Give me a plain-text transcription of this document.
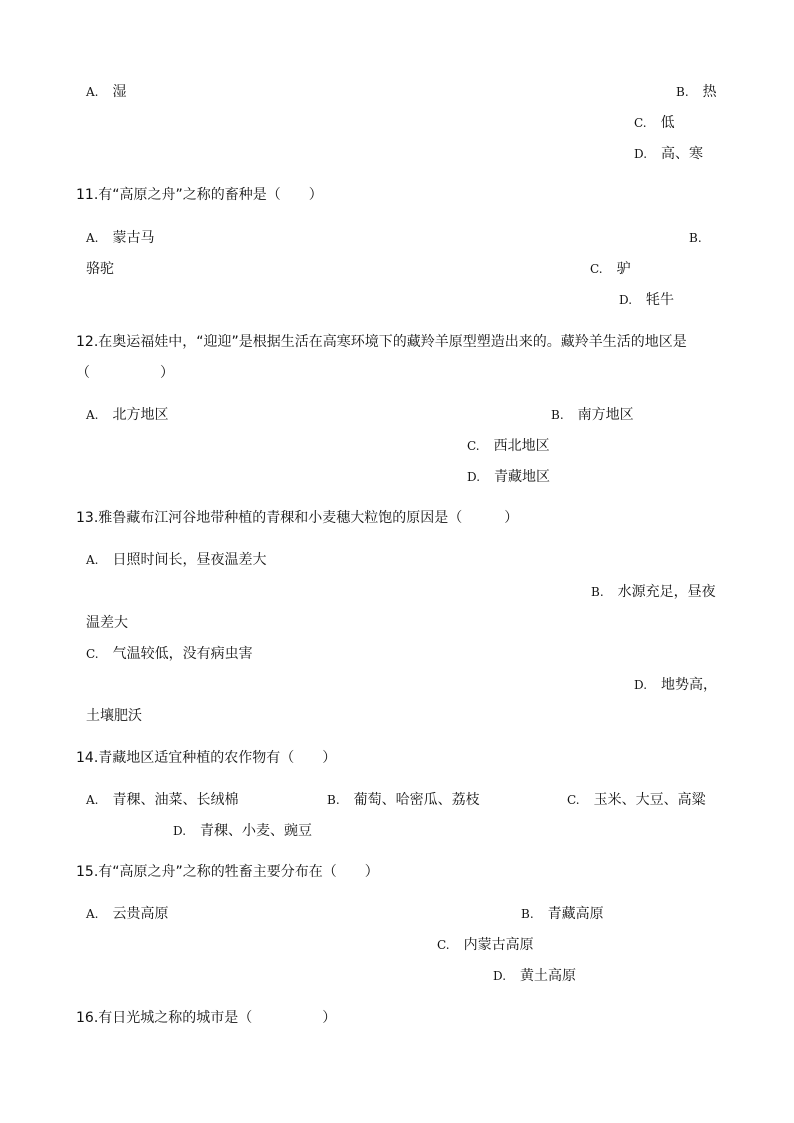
A. 湿	B. 热
C. 低
D. 高、寒
11.有“高原之舟”之称的畜种是（　　）
A. 蒙古马	B.
骆驼	C. 驴
D. 牦牛
12.在奥运福娃中，“迎迎”是根据生活在高寒环境下的藏羚羊原型塑造出来的。藏羚羊生活的地区是
（　　　　　）
A. 北方地区	B. 南方地区
C. 西北地区
D. 青藏地区
13.雅鲁藏布江河谷地带种植的青稞和小麦穗大粒饱的原因是（　　　）
A. 日照时间长，昼夜温差大
B. 水源充足，昼夜
温差大
C. 气温较低，没有病虫害
D. 地势高，
土壤肥沃
14.青藏地区适宜种植的农作物有（　　）
A. 青稞、油菜、长绒棉	B. 葡萄、哈密瓜、荔枝	C. 玉米、大豆、高粱
D. 青稞、小麦、豌豆
15.有“高原之舟”之称的牲畜主要分布在（　　）
A. 云贵高原	B. 青藏高原
C. 内蒙古高原
D. 黄土高原
16.有日光城之称的城市是（　　　　　）
